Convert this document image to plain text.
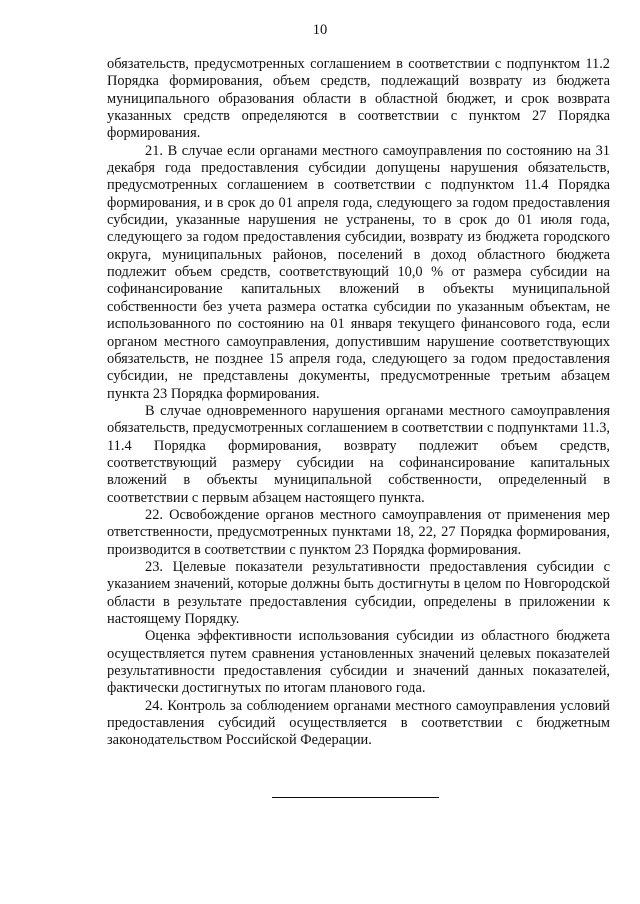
10

обязательств, предусмотренных соглашением в соответствии с подпунктом 11.2 Порядка формирования, объем средств, подлежащий возврату из бюджета муниципального образования области в областной бюджет, и срок возврата указанных средств определяются в соответствии с пунктом 27 Порядка формирования.

21. В случае если органами местного самоуправления по состоянию на 31 декабря года предоставления субсидии допущены нарушения обязательств, предусмотренных соглашением в соответствии с подпунктом 11.4 Порядка формирования, и в срок до 01 апреля года, следующего за годом предоставления субсидии, указанные нарушения не устранены, то в срок до 01 июля года, следующего за годом предоставления субсидии, возврату из бюджета городского округа, муниципальных районов, поселений в доход областного бюджета подлежит объем средств, соответствующий 10,0 % от размера субсидии на софинансирование капитальных вложений в объекты муниципальной собственности без учета размера остатка субсидии по указанным объектам, не использованного по состоянию на 01 января текущего финансового года, если органом местного самоуправления, допустившим нарушение соответствующих обязательств, не позднее 15 апреля года, следующего за годом предоставления субсидии, не представлены документы, предусмотренные третьим абзацем пункта 23 Порядка формирования.

В случае одновременного нарушения органами местного самоуправления обязательств, предусмотренных соглашением в соответствии с подпунктами 11.3, 11.4 Порядка формирования, возврату подлежит объем средств, соответствующий размеру субсидии на софинансирование капитальных вложений в объекты муниципальной собственности, определенный в соответствии с первым абзацем настоящего пункта.

22. Освобождение органов местного самоуправления от применения мер ответственности, предусмотренных пунктами 18, 22, 27 Порядка формирования, производится в соответствии с пунктом 23 Порядка формирования.

23. Целевые показатели результативности предоставления субсидии с указанием значений, которые должны быть достигнуты в целом по Новгородской области в результате предоставления субсидии, определены в приложении к настоящему Порядку.

Оценка эффективности использования субсидии из областного бюджета осуществляется путем сравнения установленных значений целевых показателей результативности предоставления субсидии и значений данных показателей, фактически достигнутых по итогам планового года.

24. Контроль за соблюдением органами местного самоуправления условий предоставления субсидий осуществляется в соответствии с бюджетным законодательством Российской Федерации.
